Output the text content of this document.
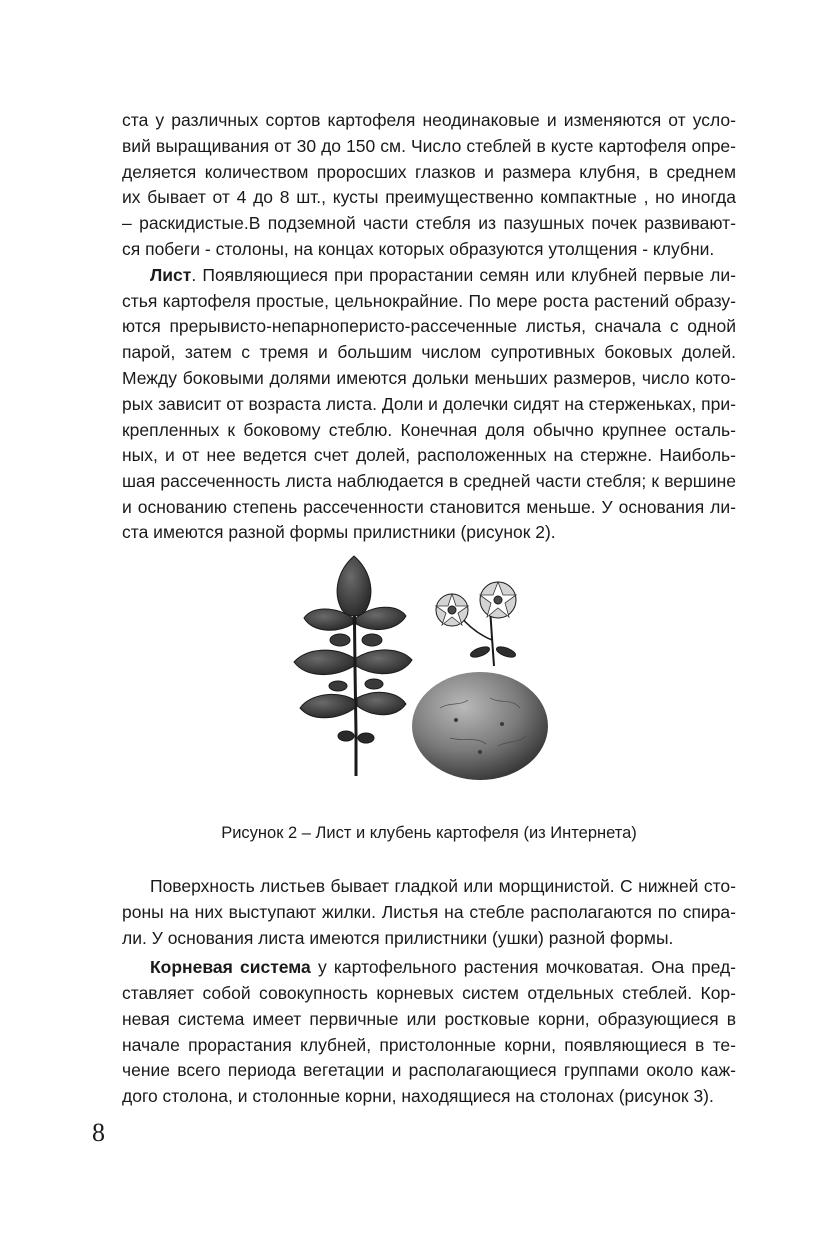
ста у различных сортов картофеля неодинаковые и изменяются от усло-
вий выращивания от 30 до 150 см. Число стеблей в кусте картофеля опре-
деляется количеством проросших глазков и размера клубня, в среднем
их бывает от 4 до 8 шт., кусты преимущественно компактные , но иногда
– раскидистые.В подземной части стебля из пазушных почек развивают-
ся побеги - столоны, на концах которых образуются утолщения - клубни.
Лист. Появляющиеся при прорастании семян или клубней первые ли-
стья картофеля простые, цельнокрайние. По мере роста растений образу-
ются прерывисто-непарноперисто-рассеченные листья, сначала с одной
парой, затем с тремя и большим числом супротивных боковых долей.
Между боковыми долями имеются дольки меньших размеров, число кото-
рых зависит от возраста листа. Доли и долечки сидят на стерженьках, при-
крепленных к боковому стеблю. Конечная доля обычно крупнее осталь-
ных, и от нее ведется счет долей, расположенных на стержне. Наиболь-
шая рассеченность листа наблюдается в средней части стебля; к вершине
и основанию степень рассеченности становится меньше. У основания ли-
ста имеются разной формы прилистники (рисунок 2).
Рисунок 2 – Лист и клубень картофеля (из Интернета)
Поверхность листьев бывает гладкой или морщинистой. С нижней сто-
роны на них выступают жилки. Листья на стебле располагаются по спира-
ли. У основания листа имеются прилистники (ушки) разной формы.
Корневая система у картофельного растения мочковатая. Она пред-
ставляет собой совокупность корневых систем отдельных стеблей. Кор-
невая система имеет первичные или ростковые корни, образующиеся в
начале прорастания клубней, пристолонные корни, появляющиеся в те-
чение всего периода вегетации и располагающиеся группами около каж-
дого столона, и столонные корни, находящиеся на столонах (рисунок 3).
8
